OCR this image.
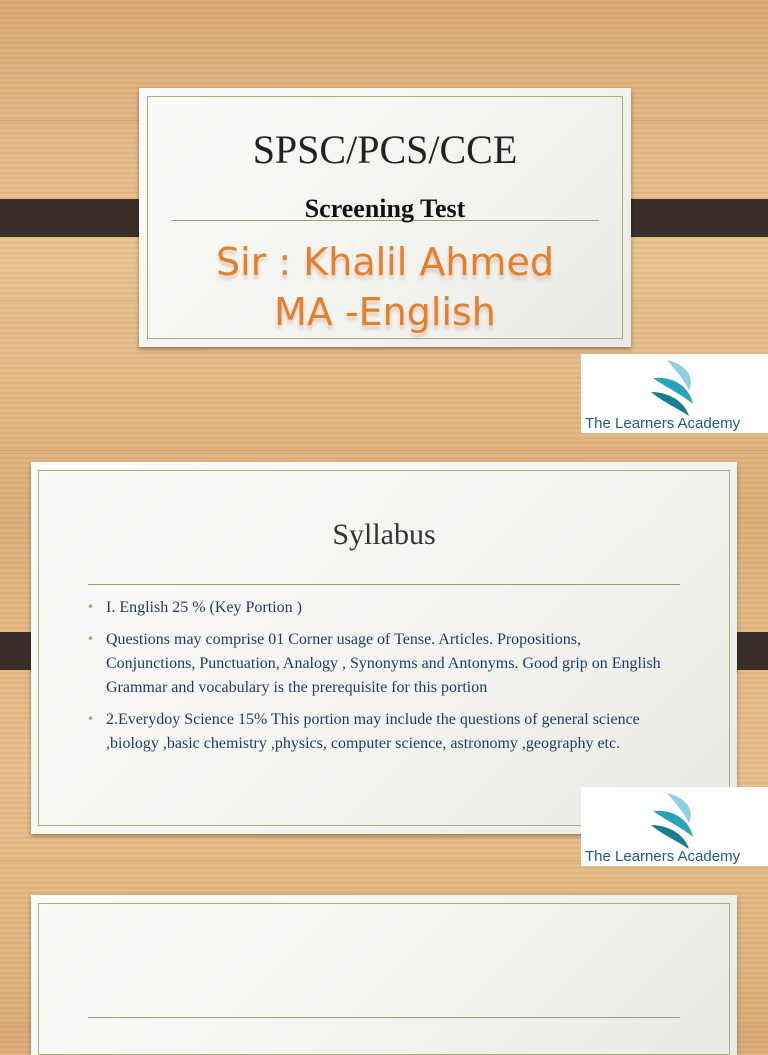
SPSC/PCS/CCE
Screening Test
Sir : Khalil Ahmed
MA -English
The Learners Academy
Syllabus
• I. English 25 % (Key Portion )
• Questions may comprise 01 Corner usage of Tense. Articles. Propositions, Conjunctions, Punctuation, Analogy , Synonyms and Antonyms. Good grip on English Grammar and vocabulary is the prerequisite for this portion
• 2.Everydoy Science 15% This portion may include the questions of general science ,biology ,basic chemistry ,physics, computer science, astronomy ,geography etc.
The Learners Academy
